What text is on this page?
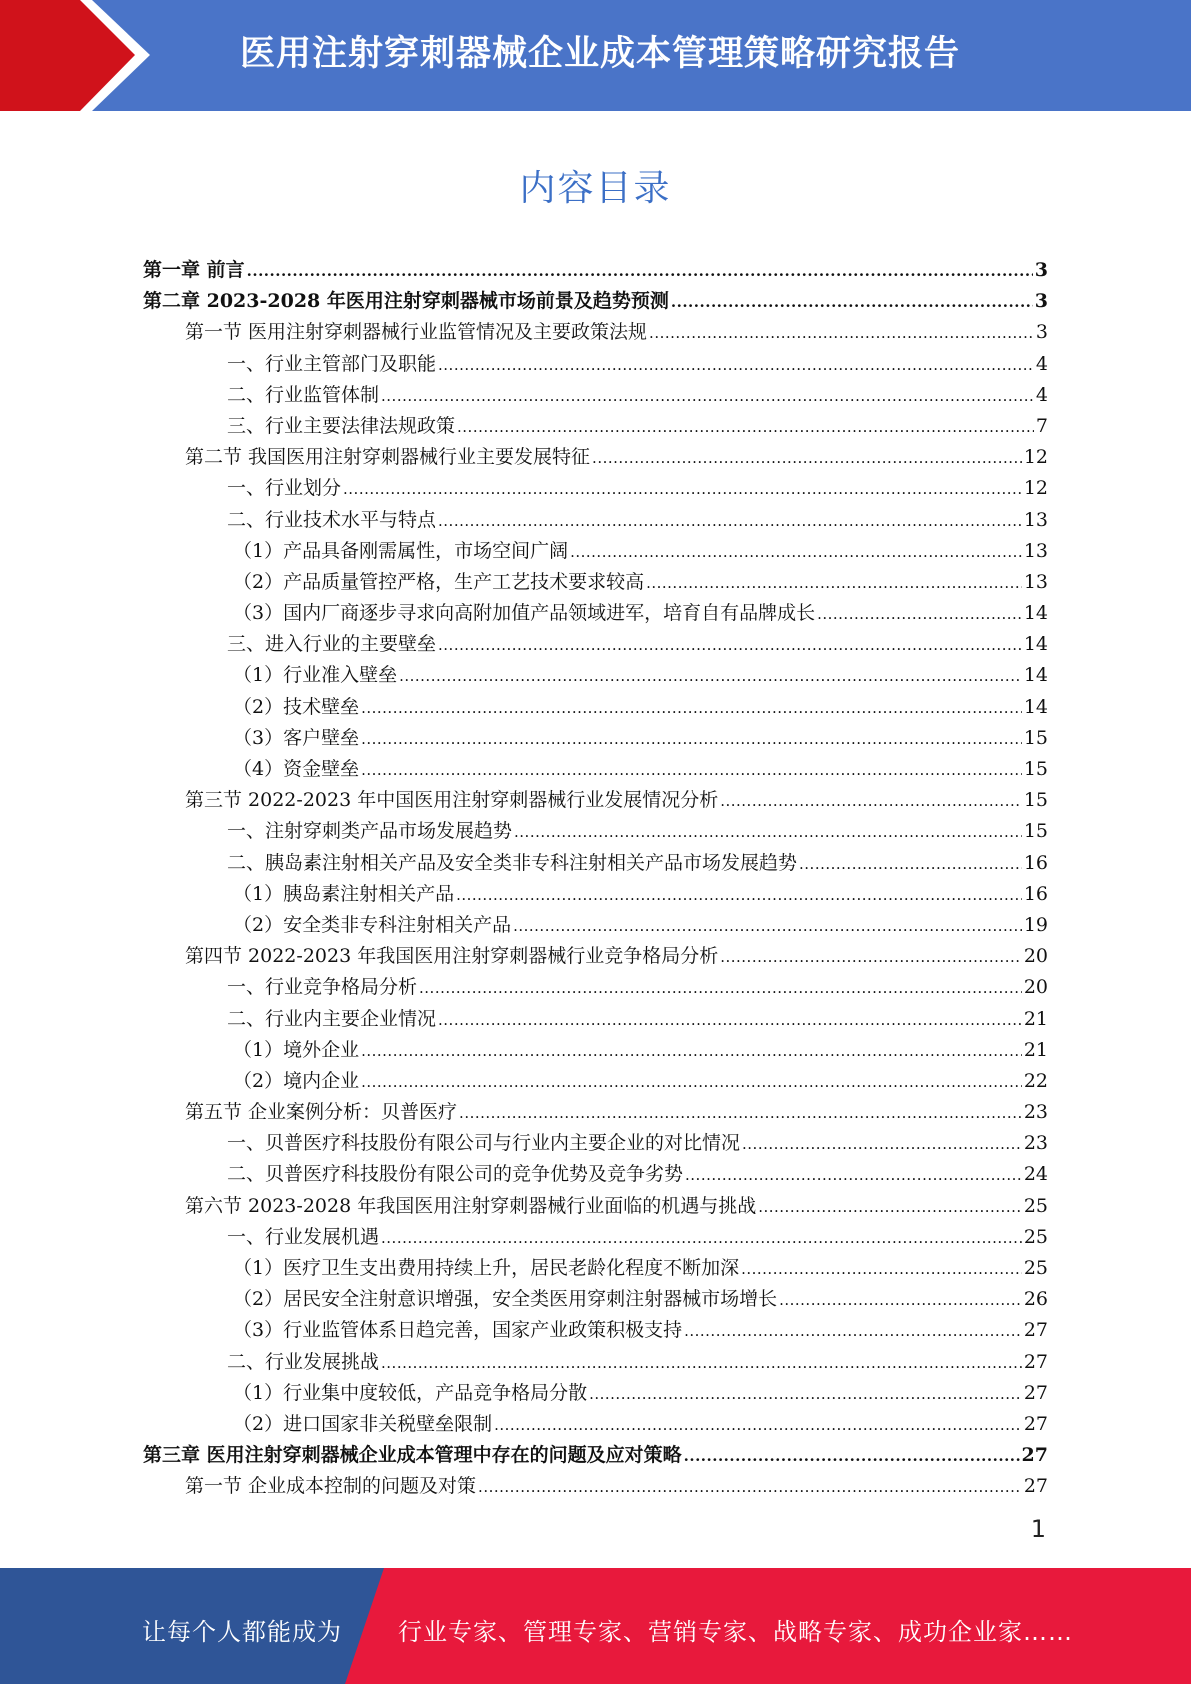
医用注射穿刺器械企业成本管理策略研究报告
内容目录
第一章 前言 .....	3
第二章 2023-2028 年医用注射穿刺器械市场前景及趋势预测 .....	3
第一节 医用注射穿刺器械行业监管情况及主要政策法规 .....	3
一、行业主管部门及职能 .....	4
二、行业监管体制 .....	4
三、行业主要法律法规政策 .....	7
第二节 我国医用注射穿刺器械行业主要发展特征 .....	12
一、行业划分 .....	12
二、行业技术水平与特点 .....	13
（1）产品具备刚需属性，市场空间广阔 .....	13
（2）产品质量管控严格，生产工艺技术要求较高 .....	13
（3）国内厂商逐步寻求向高附加值产品领域进军，培育自有品牌成长 .....	14
三、进入行业的主要壁垒 .....	14
（1）行业准入壁垒 .....	14
（2）技术壁垒 .....	14
（3）客户壁垒 .....	15
（4）资金壁垒 .....	15
第三节 2022-2023 年中国医用注射穿刺器械行业发展情况分析 .....	15
一、注射穿刺类产品市场发展趋势 .....	15
二、胰岛素注射相关产品及安全类非专科注射相关产品市场发展趋势 .....	16
（1）胰岛素注射相关产品 .....	16
（2）安全类非专科注射相关产品 .....	19
第四节 2022-2023 年我国医用注射穿刺器械行业竞争格局分析 .....	20
一、行业竞争格局分析 .....	20
二、行业内主要企业情况 .....	21
（1）境外企业 .....	21
（2）境内企业 .....	22
第五节 企业案例分析：贝普医疗 .....	23
一、贝普医疗科技股份有限公司与行业内主要企业的对比情况 .....	23
二、贝普医疗科技股份有限公司的竞争优势及竞争劣势 .....	24
第六节 2023-2028 年我国医用注射穿刺器械行业面临的机遇与挑战 .....	25
一、行业发展机遇 .....	25
（1）医疗卫生支出费用持续上升，居民老龄化程度不断加深 .....	25
（2）居民安全注射意识增强，安全类医用穿刺注射器械市场增长 .....	26
（3）行业监管体系日趋完善，国家产业政策积极支持 .....	27
二、行业发展挑战 .....	27
（1）行业集中度较低，产品竞争格局分散 .....	27
（2）进口国家非关税壁垒限制 .....	27
第三章 医用注射穿刺器械企业成本管理中存在的问题及应对策略 .....	27
第一节 企业成本控制的问题及对策 .....	27
1
让每个人都能成为 行业专家、管理专家、营销专家、战略专家、成功企业家……
